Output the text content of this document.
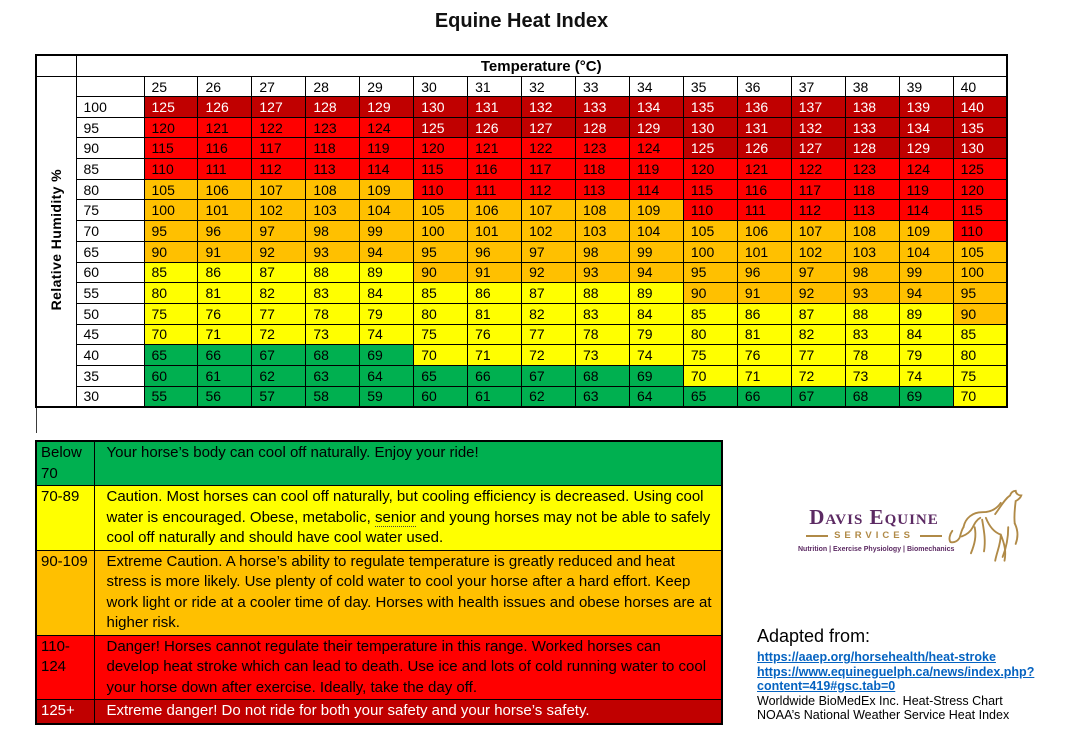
Equine Heat Index
	Temperature (°C)																
Relative Humidity %		25	26	27	28	29	30	31	32	33	34	35	36	37	38	39	40
	100	125	126	127	128	129	130	131	132	133	134	135	136	137	138	139	140
	95	120	121	122	123	124	125	126	127	128	129	130	131	132	133	134	135
	90	115	116	117	118	119	120	121	122	123	124	125	126	127	128	129	130
	85	110	111	112	113	114	115	116	117	118	119	120	121	122	123	124	125
	80	105	106	107	108	109	110	111	112	113	114	115	116	117	118	119	120
	75	100	101	102	103	104	105	106	107	108	109	110	111	112	113	114	115
	70	95	96	97	98	99	100	101	102	103	104	105	106	107	108	109	110
	65	90	91	92	93	94	95	96	97	98	99	100	101	102	103	104	105
	60	85	86	87	88	89	90	91	92	93	94	95	96	97	98	99	100
	55	80	81	82	83	84	85	86	87	88	89	90	91	92	93	94	95
	50	75	76	77	78	79	80	81	82	83	84	85	86	87	88	89	90
	45	70	71	72	73	74	75	76	77	78	79	80	81	82	83	84	85
	40	65	66	67	68	69	70	71	72	73	74	75	76	77	78	79	80
	35	60	61	62	63	64	65	66	67	68	69	70	71	72	73	74	75
	30	55	56	57	58	59	60	61	62	63	64	65	66	67	68	69	70
Below 70	Your horse’s body can cool off naturally. Enjoy your ride!
70-89	Caution. Most horses can cool off naturally, but cooling efficiency is decreased. Using cool water is encouraged. Obese, metabolic, senior and young horses may not be able to safely cool off naturally and should have cool water used.
90-109	Extreme Caution. A horse’s ability to regulate temperature is greatly reduced and heat stress is more likely. Use plenty of cold water to cool your horse after a hard effort. Keep work light or ride at a cooler time of day. Horses with health issues and obese horses are at higher risk.
110-124	Danger! Horses cannot regulate their temperature in this range. Worked horses can develop heat stroke which can lead to death. Use ice and lots of cold running water to cool your horse down after exercise. Ideally, take the day off.
125+	Extreme danger! Do not ride for both your safety and your horse’s safety.
Davis Equine
SERVICES
Nutrition | Exercise Physiology | Biomechanics
Adapted from:
https://aaep.org/horsehealth/heat-stroke
https://www.equineguelph.ca/news/index.php?content=419#gsc.tab=0
Worldwide BioMedEx Inc. Heat-Stress Chart
NOAA’s National Weather Service Heat Index
